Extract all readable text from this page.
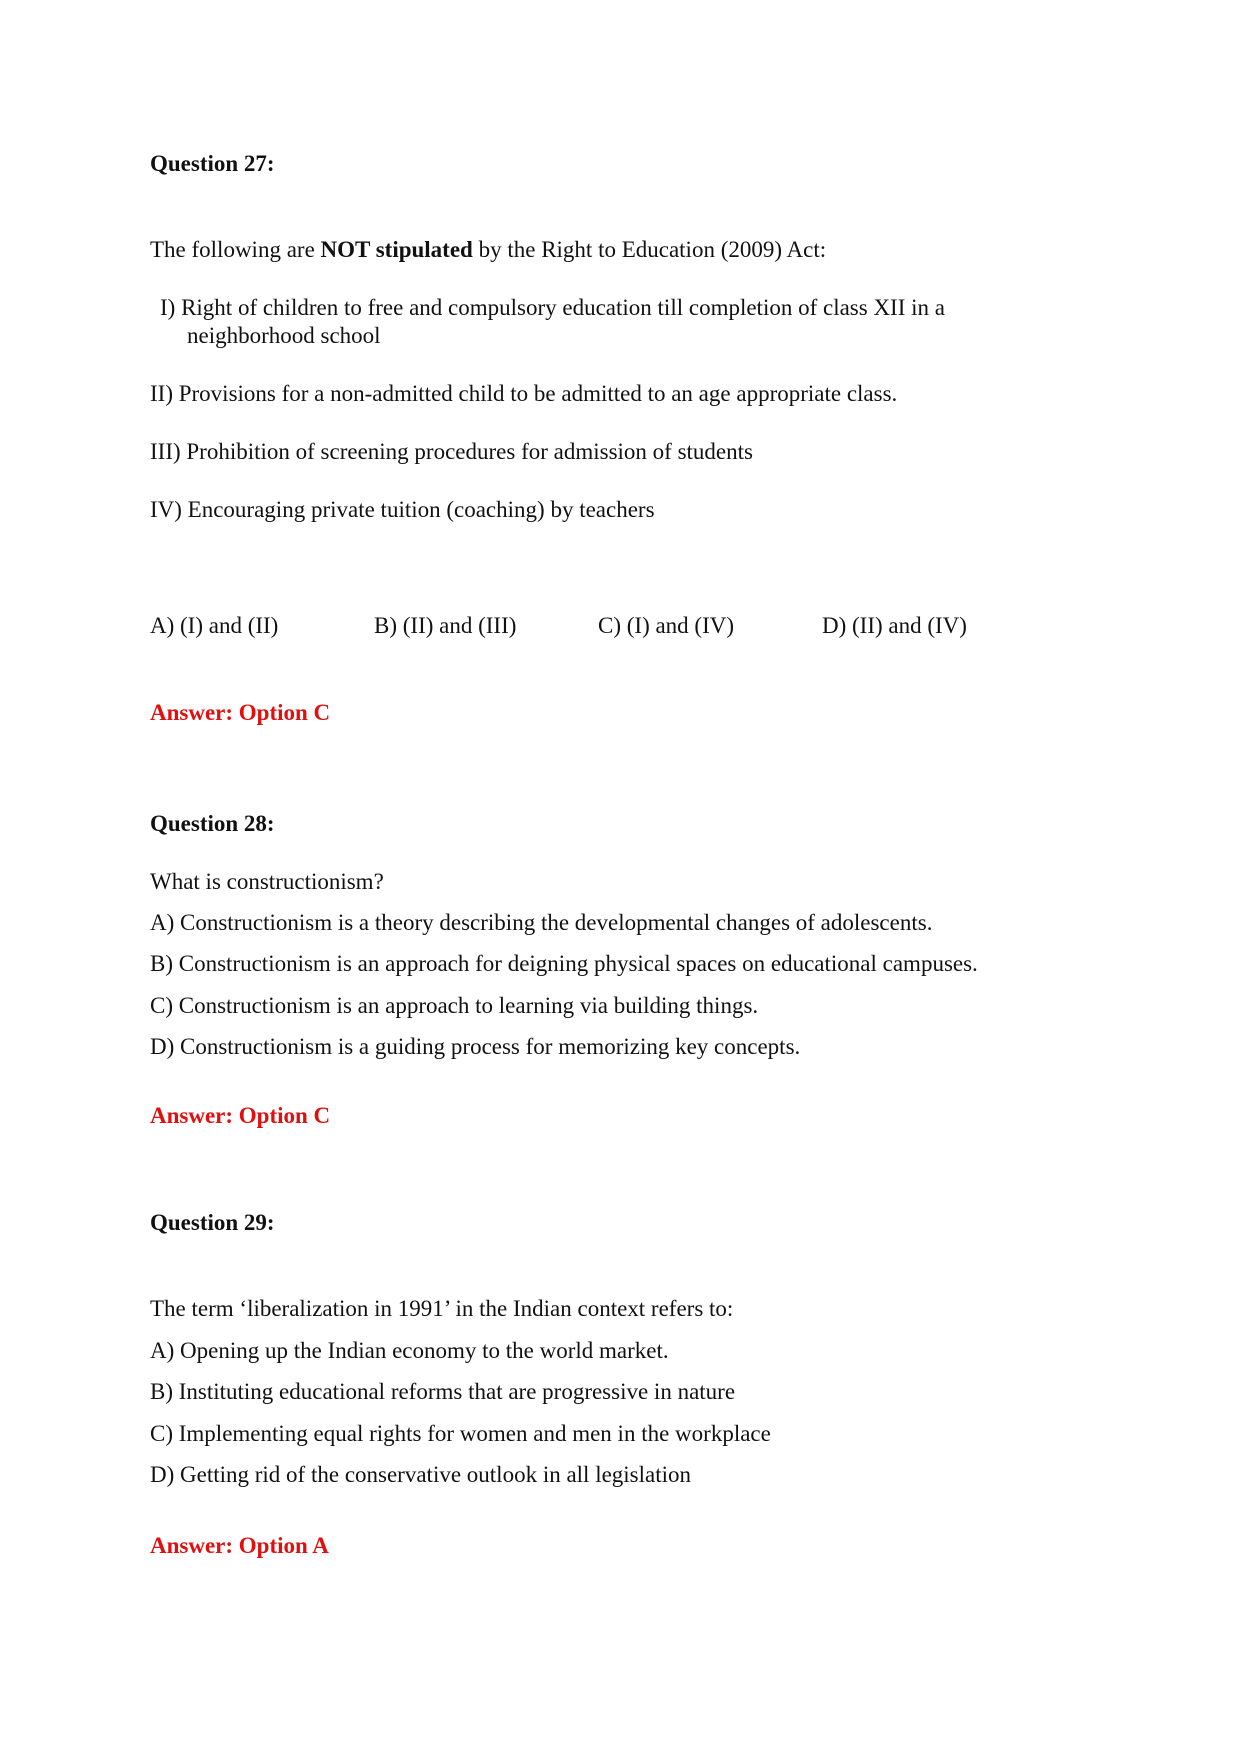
Question 27:
The following are NOT stipulated by the Right to Education (2009) Act:
I) Right of children to free and compulsory education till completion of class XII in a
neighborhood school
II) Provisions for a non-admitted child to be admitted to an age appropriate class.
III) Prohibition of screening procedures for admission of students
IV) Encouraging private tuition (coaching) by teachers
A) (I) and (II)	B) (II) and (III)	C) (I) and (IV)	D) (II) and (IV)
Answer: Option C
Question 28:
What is constructionism?
A) Constructionism is a theory describing the developmental changes of adolescents.
B) Constructionism is an approach for deigning physical spaces on educational campuses.
C) Constructionism is an approach to learning via building things.
D) Constructionism is a guiding process for memorizing key concepts.
Answer: Option C
Question 29:
The term ‘liberalization in 1991’ in the Indian context refers to:
A) Opening up the Indian economy to the world market.
B) Instituting educational reforms that are progressive in nature
C) Implementing equal rights for women and men in the workplace
D) Getting rid of the conservative outlook in all legislation
Answer: Option A
